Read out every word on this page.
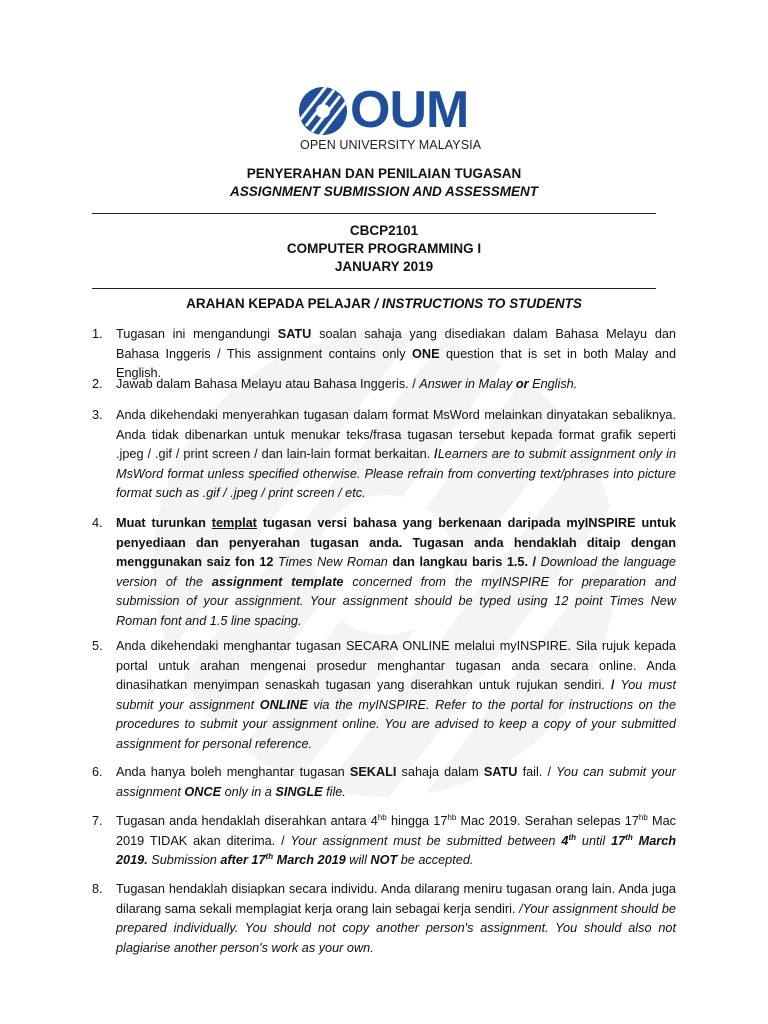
OUM
OPEN UNIVERSITY MALAYSIA
PENYERAHAN DAN PENILAIAN TUGASAN
ASSIGNMENT SUBMISSION AND ASSESSMENT
CBCP2101
COMPUTER PROGRAMMING I
JANUARY 2019
ARAHAN KEPADA PELAJAR / INSTRUCTIONS TO STUDENTS
1. Tugasan ini mengandungi SATU soalan sahaja yang disediakan dalam Bahasa Melayu dan Bahasa Inggeris / This assignment contains only ONE question that is set in both Malay and English.
2. Jawab dalam Bahasa Melayu atau Bahasa Inggeris. / Answer in Malay or English.
3. Anda dikehendaki menyerahkan tugasan dalam format MsWord melainkan dinyatakan sebaliknya. Anda tidak dibenarkan untuk menukar teks/frasa tugasan tersebut kepada format grafik seperti .jpeg / .gif / print screen / dan lain-lain format berkaitan. /Learners are to submit assignment only in MsWord format unless specified otherwise. Please refrain from converting text/phrases into picture format such as .gif / .jpeg / print screen / etc.
4. Muat turunkan templat tugasan versi bahasa yang berkenaan daripada myINSPIRE untuk penyediaan dan penyerahan tugasan anda. Tugasan anda hendaklah ditaip dengan menggunakan saiz fon 12 Times New Roman dan langkau baris 1.5. / Download the language version of the assignment template concerned from the myINSPIRE for preparation and submission of your assignment. Your assignment should be typed using 12 point Times New Roman font and 1.5 line spacing.
5. Anda dikehendaki menghantar tugasan SECARA ONLINE melalui myINSPIRE. Sila rujuk kepada portal untuk arahan mengenai prosedur menghantar tugasan anda secara online. Anda dinasihatkan menyimpan senaskah tugasan yang diserahkan untuk rujukan sendiri. / You must submit your assignment ONLINE via the myINSPIRE. Refer to the portal for instructions on the procedures to submit your assignment online. You are advised to keep a copy of your submitted assignment for personal reference.
6. Anda hanya boleh menghantar tugasan SEKALI sahaja dalam SATU fail. / You can submit your assignment ONCE only in a SINGLE file.
7. Tugasan anda hendaklah diserahkan antara $4^{hb}$ hingga $17^{hb}$ Mac 2019. Serahan selepas $17^{hb}$ Mac 2019 TIDAK akan diterima. / Your assignment must be submitted between 4th until 17th March 2019. Submission after 17th March 2019 will NOT be accepted.
8. Tugasan hendaklah disiapkan secara individu. Anda dilarang meniru tugasan orang lain. Anda juga dilarang sama sekali memplagiat kerja orang lain sebagai kerja sendiri. /Your assignment should be prepared individually. You should not copy another person's assignment. You should also not plagiarise another person's work as your own.
